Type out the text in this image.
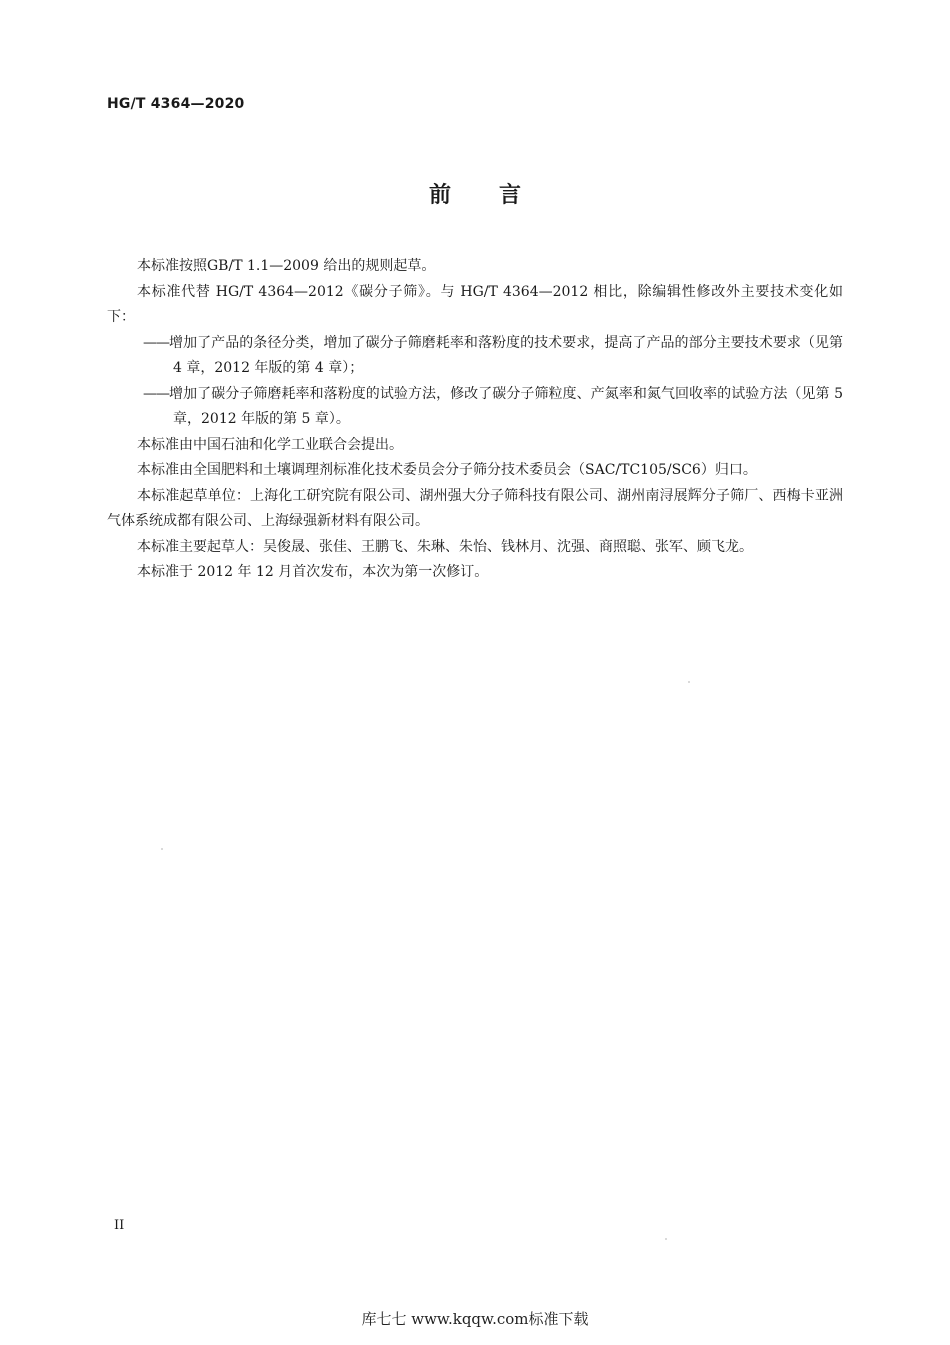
HG/T 4364—2020
前言

本标准按照GB/T 1.1—2009 给出的规则起草。

本标准代替 HG/T 4364—2012《碳分子筛》。与 HG/T 4364—2012 相比，除编辑性修改外主要技术变化如下：

——增加了产品的条径分类，增加了碳分子筛磨耗率和落粉度的技术要求，提高了产品的部分主要技术要求（见第 4 章，2012 年版的第 4 章）；

——增加了碳分子筛磨耗率和落粉度的试验方法，修改了碳分子筛粒度、产氮率和氮气回收率的试验方法（见第 5 章，2012 年版的第 5 章）。

本标准由中国石油和化学工业联合会提出。

本标准由全国肥料和土壤调理剂标准化技术委员会分子筛分技术委员会（SAC/TC105/SC6）归口。

本标准起草单位：上海化工研究院有限公司、湖州强大分子筛科技有限公司、湖州南浔展辉分子筛厂、西梅卡亚洲气体系统成都有限公司、上海绿强新材料有限公司。

本标准主要起草人：吴俊晟、张佳、王鹏飞、朱琳、朱怡、钱林月、沈强、商照聪、张军、顾飞龙。

本标准于 2012 年 12 月首次发布，本次为第一次修订。

II
库七七 www.kqqw.com标准下载
